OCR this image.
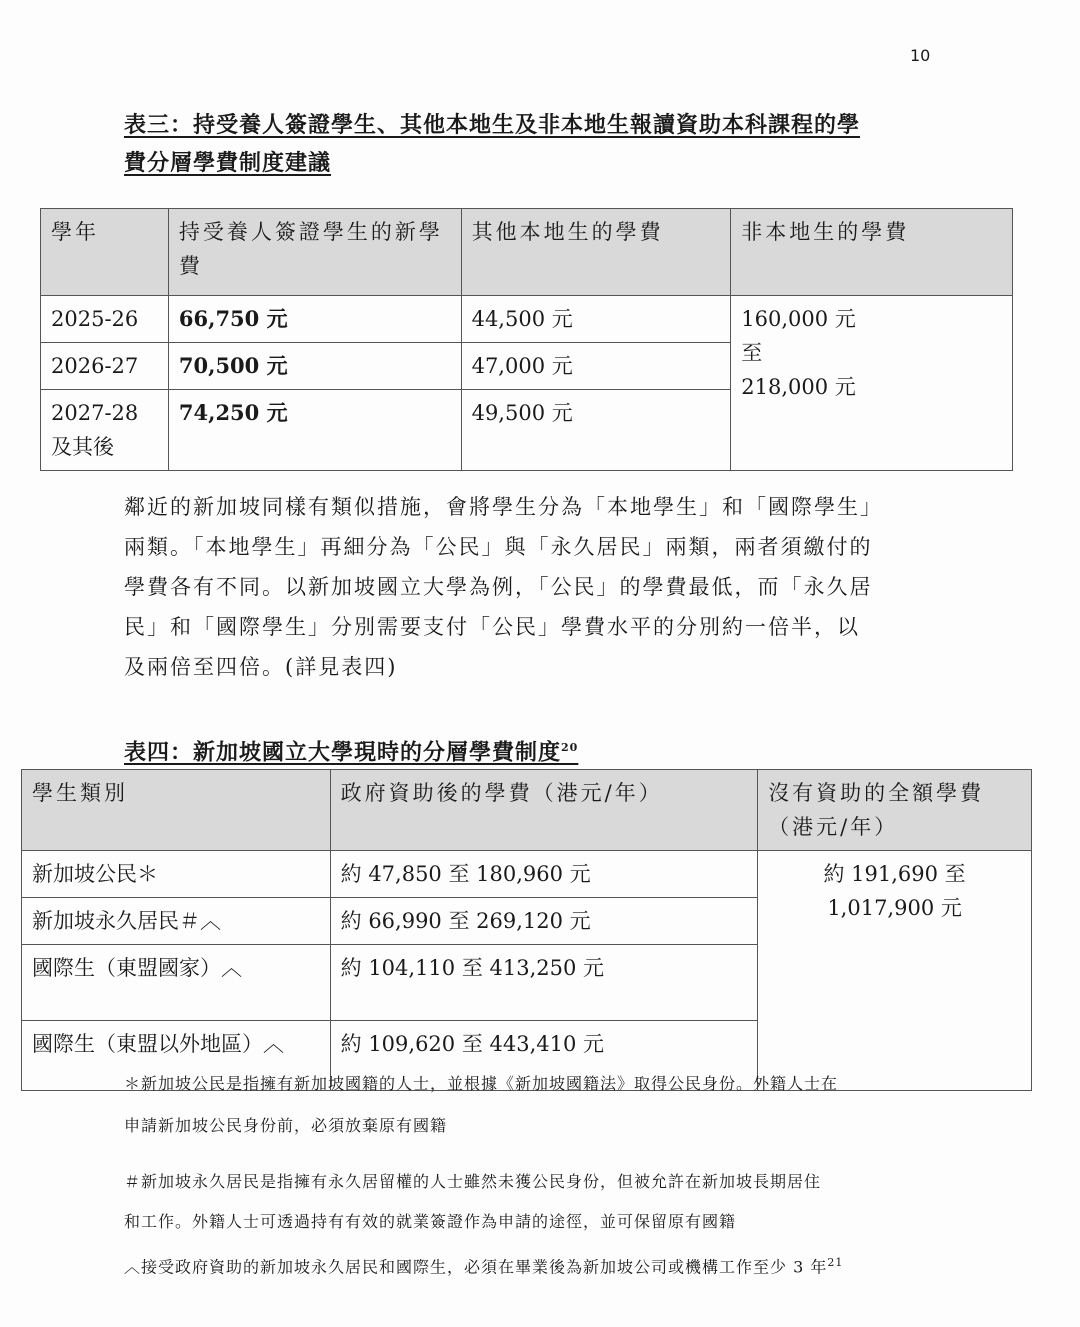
10
表三：持受養人簽證學生、其他本地生及非本地生報讀資助本科課程的學
費分層學費制度建議
學年	持受養人簽證學生的新學費	其他本地生的學費	非本地生的學費
2025-26	66,750 元	44,500 元	160,000 元
至
218,000 元

2026-27	70,500 元	47,000 元	
2027-28
及其後	74,250 元	49,500 元	
鄰近的新加坡同樣有類似措施，會將學生分為「本地學生」和「國際學生」
兩類。「本地學生」再細分為「公民」與「永久居民」兩類，兩者須繳付的
學費各有不同。以新加坡國立大學為例，「公民」的學費最低，而「永久居
民」和「國際學生」分別需要支付「公民」學費水平的分別約一倍半，以
及兩倍至四倍。(詳見表四)
表四：新加坡國立大學現時的分層學費制度$^{20}$
學生類別	政府資助後的學費（港元/年）	沒有資助的全額學費（港元/年）
新加坡公民＊	約 47,850 至 180,960 元	約 191,690 至
1,017,900 元

新加坡永久居民＃︿	約 66,990 至 269,120 元	
國際生（東盟國家）︿	約 104,110 至 413,250 元	
國際生（東盟以外地區）︿	約 109,620 至 443,410 元	
＊新加坡公民是指擁有新加坡國籍的人士，並根據《新加坡國籍法》取得公民身份。外籍人士在
申請新加坡公民身份前，必須放棄原有國籍
＃新加坡永久居民是指擁有永久居留權的人士雖然未獲公民身份，但被允許在新加坡長期居住
和工作。外籍人士可透過持有有效的就業簽證作為申請的途徑，並可保留原有國籍
︿接受政府資助的新加坡永久居民和國際生，必須在畢業後為新加坡公司或機構工作至少 3 年$^{21}$
